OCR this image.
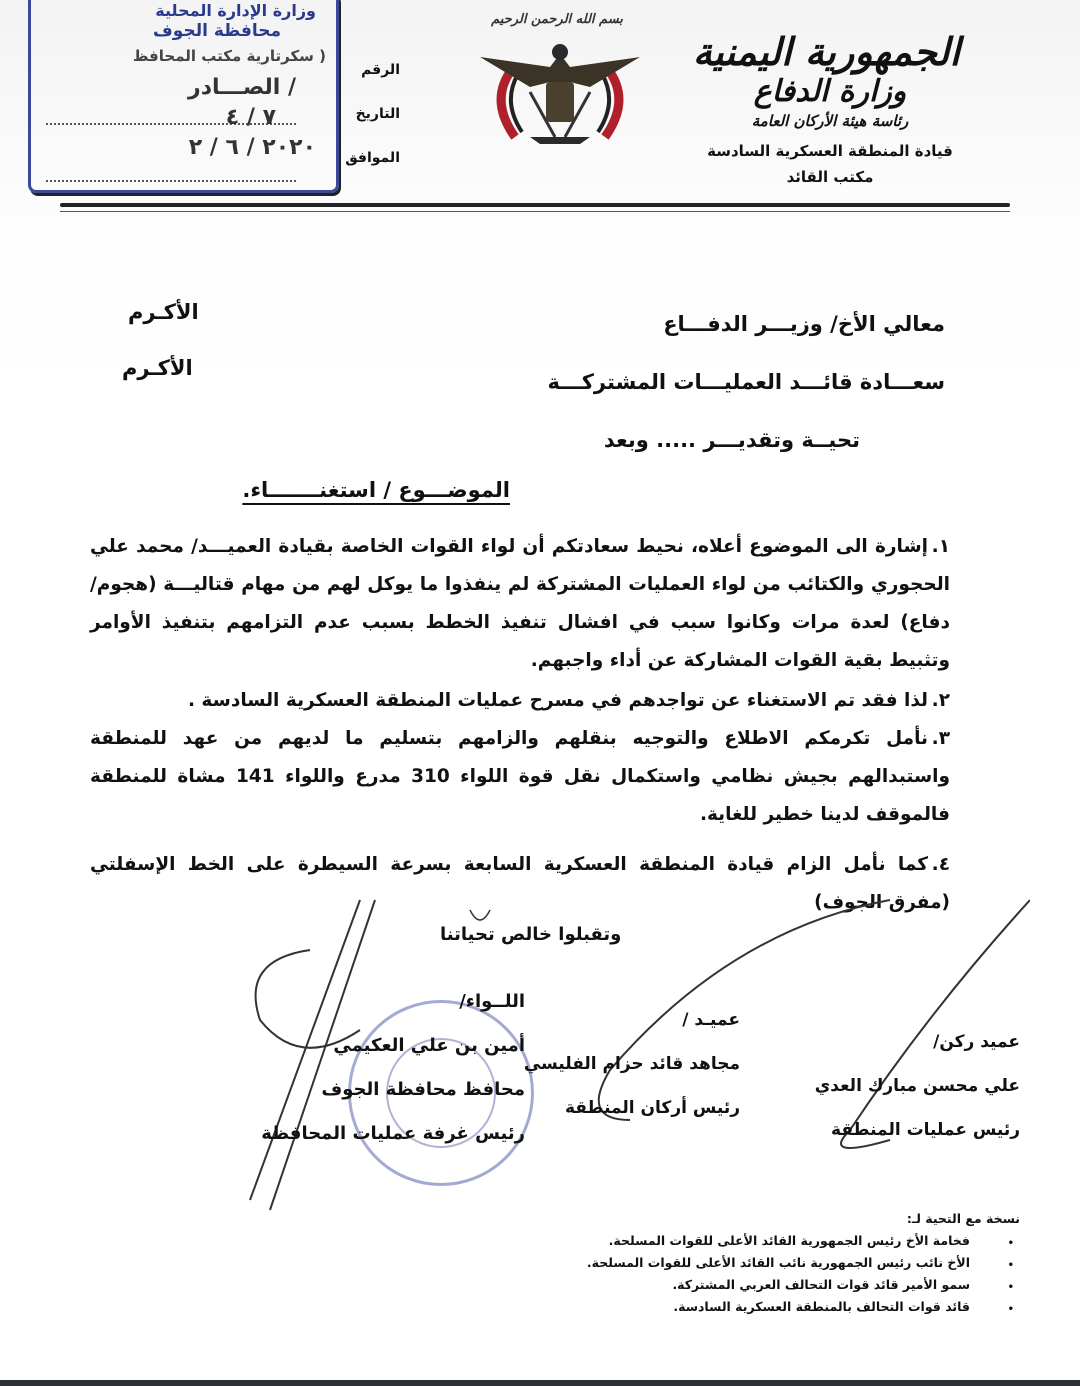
وزارة الإدارة المحلية
محافظة الجوف
( سكرتارية مكتب المحافظ
/ الصـــادر
٧ / ٤
٢٠٢٠ / ٦ / ٢
الرقم
التاريخ
الموافق
بسم الله الرحمن الرحيم
الجمهورية اليمنية
وزارة الدفاع
رئاسة هيئة الأركان العامة
قيادة المنطقة العسكرية السادسة
مكتب القائد
معالي الأخ/ وزيـــر الدفـــاع
الأكـرم
سعـــادة قائـــد العمليـــات المشتركـــة
الأكـرم
تحيــة وتقديـــر ..... وبعد
الموضـــوع / استغنـــــــاء.

١.إشارة الى الموضوع أعلاه، نحيط سعادتكم أن لواء القوات الخاصة بقيادة العميـــد/ محمد علي الحجوري والكتائب من لواء العمليات المشتركة لم ينفذوا ما يوكل لهم من مهام قتاليـــة (هجوم/دفاع) لعدة مرات وكانوا سبب في افشال تنفيذ الخطط بسبب عدم التزامهم بتنفيذ الأوامر وتثبيط بقية القوات المشاركة عن أداء واجبهم.

٢.لذا فقد تم الاستغناء عن تواجدهم في مسرح عمليات المنطقة العسكرية السادسة .

٣.نأمل تكرمكم الاطلاع والتوجيه بنقلهم والزامهم بتسليم ما لديهم من عهد للمنطقة واستبدالهم بجيش نظامي واستكمال نقل قوة اللواء 310 مدرع واللواء 141 مشاة للمنطقة فالموقف لدينا خطير للغاية.

٤.كما نأمل الزام قيادة المنطقة العسكرية السابعة بسرعة السيطرة على الخط الإسفلتي (مفرق الجوف)

وتقبلوا خالص تحياتنا
عميد ركن/
علي محسن مبارك العدي
رئيس عمليات المنطقة
عميـد /
مجاهد قائد حزام الفليسي
رئيس أركان المنطقة
اللــواء/
أمين بن علي العكيمي
محافظ محافظة الجوف
رئيس غرفة عمليات المحافظة
نسخة مع التحية لـ:
فخامة الأخ رئيس الجمهورية القائد الأعلى للقوات المسلحة. •
الأخ نائب رئيس الجمهورية نائب القائد الأعلى للقوات المسلحة. •
سمو الأمير قائد قوات التحالف العربي المشتركة. •
قائد قوات التحالف بالمنطقة العسكرية السادسة. •
